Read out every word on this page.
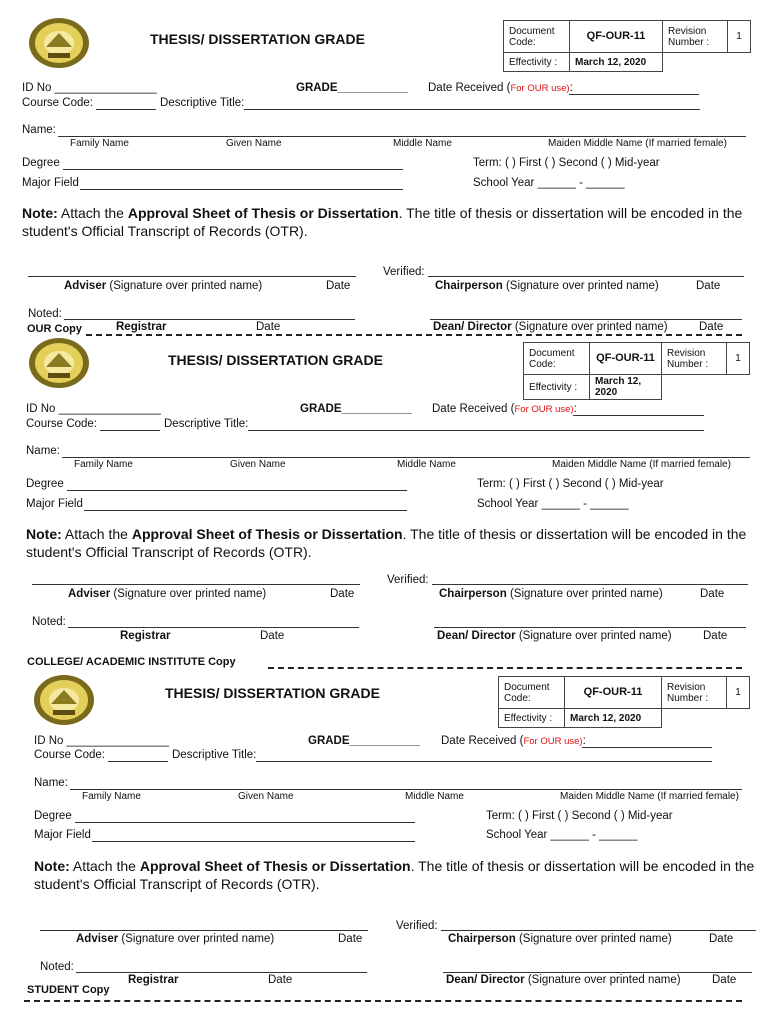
THESIS/ DISSERTATION GRADE	Document Code:	QF-OUR-11	Revision Number :	1
Effectivity :	March 12, 2020		
ID No ________________	GRADE___________ Date Received (For OUR use):
Course Code:	Descriptive Title:
Name:
Family Name	Given Name	Middle Name	Maiden Middle Name (If married female)
Degree	Term: ( ) First ( ) Second ( ) Mid-year
Major Field	School Year ______ - ______
Note: Attach the Approval Sheet of Thesis or Dissertation. The title of thesis or dissertation will be encoded in the student's Official Transcript of Records (OTR).
Verified:
Adviser (Signature over printed name)	Date	Chairperson (Signature over printed name)	Date
Noted:
Registrar	Date	Dean/ Director (Signature over printed name)	Date
OUR Copy
THESIS/ DISSERTATION GRADE	Document Code:	QF-OUR-11	Revision Number :	1
Effectivity :	March 12, 2020		
ID No ________________	GRADE___________ Date Received (For OUR use):
Course Code:	Descriptive Title:
Name:
Family Name	Given Name	Middle Name	Maiden Middle Name (If married female)
Degree	Term: ( ) First ( ) Second ( ) Mid-year
Major Field	School Year ______ - ______
Note: Attach the Approval Sheet of Thesis or Dissertation. The title of thesis or dissertation will be encoded in the student's Official Transcript of Records (OTR).
Verified:
Adviser (Signature over printed name)	Date	Chairperson (Signature over printed name)	Date
Noted:
Registrar	Date	Dean/ Director (Signature over printed name)	Date
COLLEGE/ ACADEMIC INSTITUTE Copy
THESIS/ DISSERTATION GRADE	Document Code:	QF-OUR-11	Revision Number :	1
Effectivity :	March 12, 2020		
ID No ________________	GRADE___________ Date Received (For OUR use):
Course Code:	Descriptive Title:
Name:
Family Name	Given Name	Middle Name	Maiden Middle Name (If married female)
Degree	Term: ( ) First ( ) Second ( ) Mid-year
Major Field	School Year ______ - ______
Note: Attach the Approval Sheet of Thesis or Dissertation. The title of thesis or dissertation will be encoded in the student's Official Transcript of Records (OTR).
Verified:
Adviser (Signature over printed name)	Date	Chairperson (Signature over printed name)	Date
Noted:
Registrar	Date	Dean/ Director (Signature over printed name)	Date
STUDENT Copy
